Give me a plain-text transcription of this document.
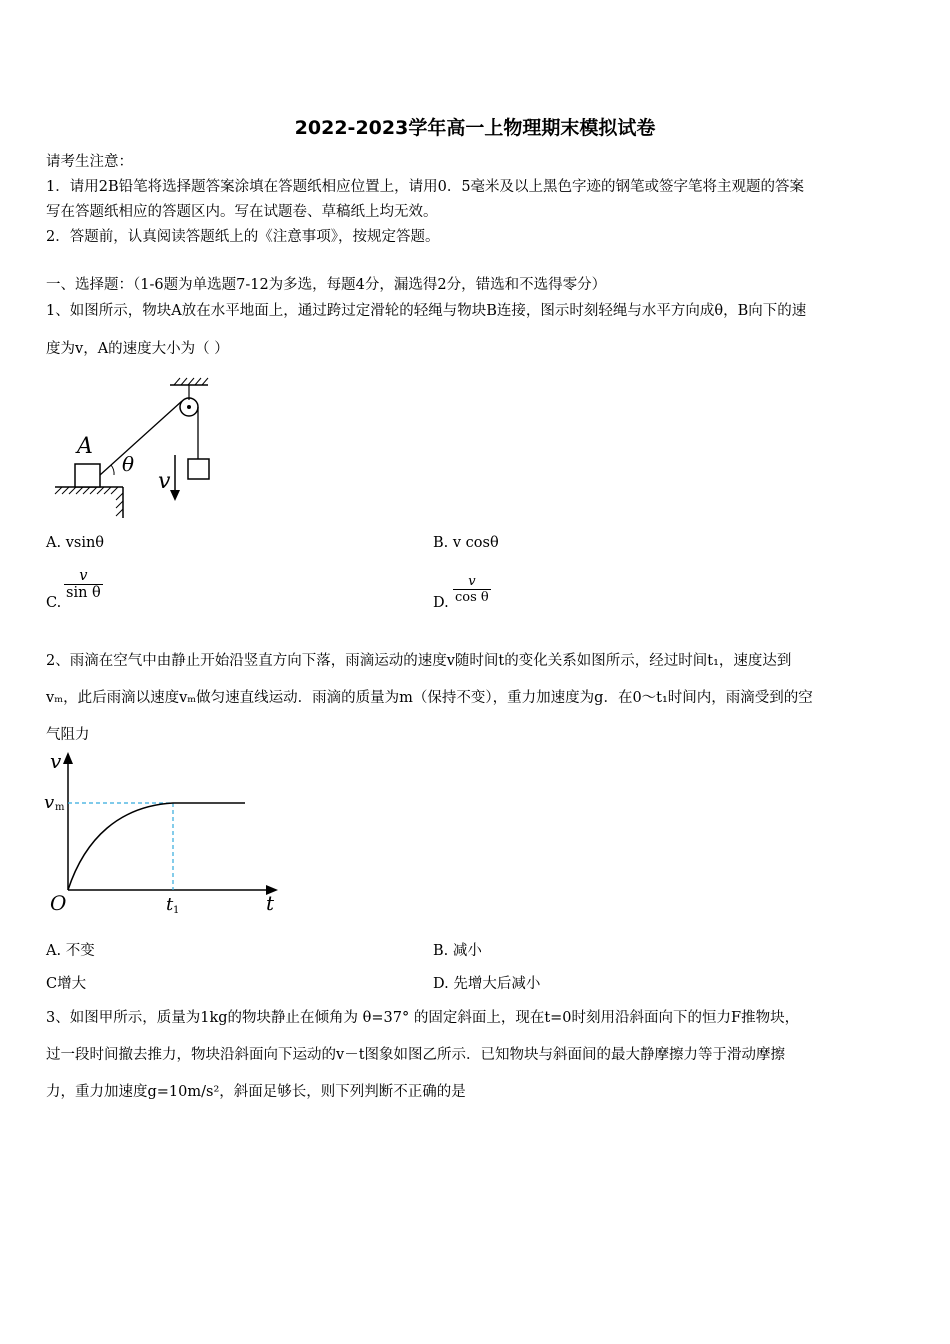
2022-2023学年高一上物理期末模拟试卷
请考生注意：
1．请用2B铅笔将选择题答案涂填在答题纸相应位置上，请用0．5毫米及以上黑色字迹的钢笔或签字笔将主观题的答案
写在答题纸相应的答题区内。写在试题卷、草稿纸上均无效。
2．答题前，认真阅读答题纸上的《注意事项》，按规定答题。
一、选择题：（1-6题为单选题7-12为多选，每题4分，漏选得2分，错选和不选得零分）
1、如图所示，物块A放在水平地面上，通过跨过定滑轮的轻绳与物块B连接，图示时刻轻绳与水平方向成θ，B向下的速
度为v，A的速度大小为（ ）
A
θ
v
A. vsinθ	B. v cosθ
C.
v
sin θ
D.
v
cos θ
2、雨滴在空气中由静止开始沿竖直方向下落，雨滴运动的速度v随时间t的变化关系如图所示，经过时间t₁，速度达到
vₘ，此后雨滴以速度vₘ做匀速直线运动．雨滴的质量为m（保持不变），重力加速度为g．在0～t₁时间内，雨滴受到的空
气阻力
v
v m
O	t 1	t
A. 不变	B. 减小
C增大	D. 先增大后减小
3、如图甲所示，质量为1kg的物块静止在倾角为 θ=37° 的固定斜面上，现在t=0时刻用沿斜面向下的恒力F推物块，
过一段时间撤去推力，物块沿斜面向下运动的v－t图象如图乙所示．已知物块与斜面间的最大静摩擦力等于滑动摩擦
力，重力加速度g=10m/s²，斜面足够长，则下列判断不正确的是
